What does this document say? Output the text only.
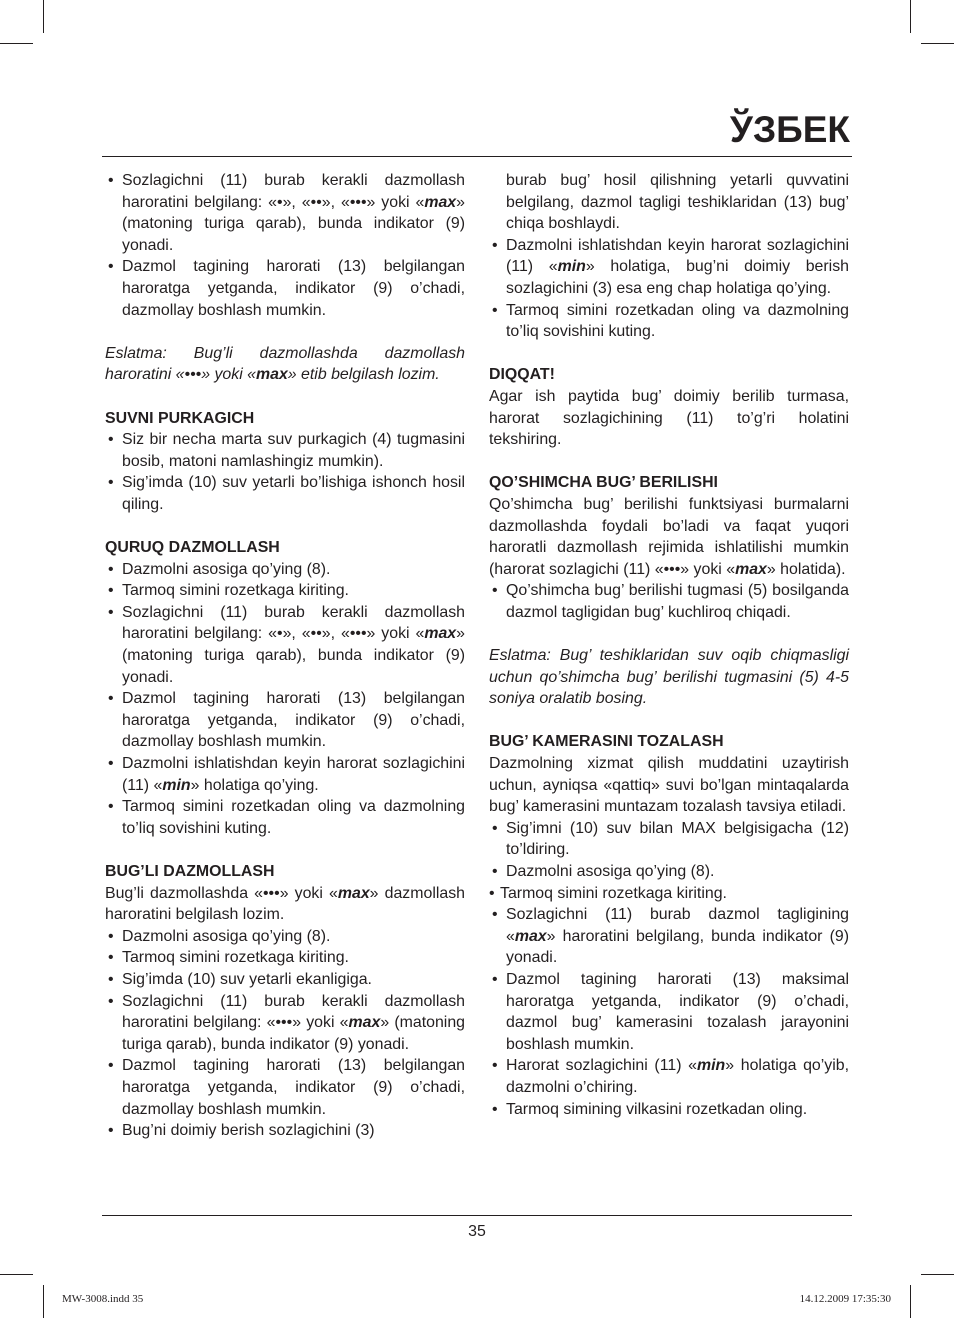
ЎЗБЕК
• Sozlagichni (11) burab kerakli dazmollash haroratini belgilang: «•», «••», «•••» yoki «max» (matoning turiga qarab), bunda indikator (9) yonadi.
• Dazmol tagining harorati (13) belgilangan haroratga yetganda, indikator (9) o’chadi, dazmollay boshlash mumkin.

Eslatma: Bug’li dazmollashda dazmollash haroratini «•••» yoki «max» etib belgilash lozim.

SUVNI PURKAGICH
• Siz bir necha marta suv purkagich (4) tugmasini bosib, matoni namlashingiz mumkin).
• Sig’imda (10) suv yetarli bo’lishiga ishonch hosil qiling.
QURUQ DAZMOLLASH
• Dazmolni asosiga qo’ying (8).
• Tarmoq simini rozetkaga kiriting.
• Sozlagichni (11) burab kerakli dazmollash haroratini belgilang: «•», «••», «•••» yoki «max» (matoning turiga qarab), bunda indikator (9) yonadi.
• Dazmol tagining harorati (13) belgilangan haroratga yetganda, indikator (9) o’chadi, dazmollay boshlash mumkin.
• Dazmolni ishlatishdan keyin harorat sozlagichini (11) «min» holatiga qo’ying.
• Tarmoq simini rozetkadan oling va dazmolning to’liq sovishini kuting.
BUG’LI DAZMOLLASH

Bug’li dazmollashda «•••» yoki «max» dazmollash haroratini belgilash lozim.

• Dazmolni asosiga qo’ying (8).
• Tarmoq simini rozetkaga kiriting.
• Sig’imda (10) suv yetarli ekanligiga.
• Sozlagichni (11) burab kerakli dazmollash haroratini belgilang: «•••» yoki «max» (matoning turiga qarab), bunda indikator (9) yonadi.
• Dazmol tagining harorati (13) belgilangan haroratga yetganda, indikator (9) o’chadi, dazmollay boshlash mumkin.
• Bug’ni doimiy berish sozlagichini (3)
burab bug’ hosil qilishning yetarli quvvatini belgilang, dazmol tagligi teshiklaridan (13) bug’ chiqa boshlaydi.
• Dazmolni ishlatishdan keyin harorat sozlagichini (11) «min» holatiga, bug’ni doimiy berish sozlagichini (3) esa eng chap holatiga qo’ying.
• Tarmoq simini rozetkadan oling va dazmolning to’liq sovishini kuting.
DIQQAT!

Agar ish paytida bug’ doimiy berilib turmasa, harorat sozlagichining (11) to’g’ri holatini tekshiring.

QO’SHIMCHA BUG’ BERILISHI

Qo’shimcha bug’ berilishi funktsiyasi burmalarni dazmollashda foydali bo’ladi va faqat yuqori haroratli dazmollash rejimida ishlatilishi mumkin (harorat sozlagichi (11) «•••» yoki «max» holatida).

• Qo’shimcha bug’ berilishi tugmasi (5) bosilganda dazmol tagligidan bug’ kuchliroq chiqadi.

Eslatma: Bug’ teshiklaridan suv oqib chiqmasligi uchun qo’shimcha bug’ berilishi tugmasini (5) 4-5 soniya oralatib bosing.

BUG’ KAMERASINI TOZALASH

Dazmolning xizmat qilish muddatini uzaytirish uchun, ayniqsa «qattiq» suvi bo’lgan mintaqalarda bug’ kamerasini muntazam tozalash tavsiya etiladi.

• Sig’imni (10) suv bilan MAX belgisigacha (12) to’ldiring.
• Dazmolni asosiga qo’ying (8).
• Tarmoq simini rozetkaga kiriting.
• Sozlagichni (11) burab dazmol tagligining «max» haroratini belgilang, bunda indikator (9) yonadi.
• Dazmol tagining harorati (13) maksimal haroratga yetganda, indikator (9) o’chadi, dazmol bug’ kamerasini tozalash jarayonini boshlash mumkin.
• Harorat sozlagichini (11) «min» holatiga qo’yib, dazmolni o’chiring.
• Tarmoq simining vilkasini rozetkadan oling.
35
MW-3008.indd 35	14.12.2009 17:35:30
